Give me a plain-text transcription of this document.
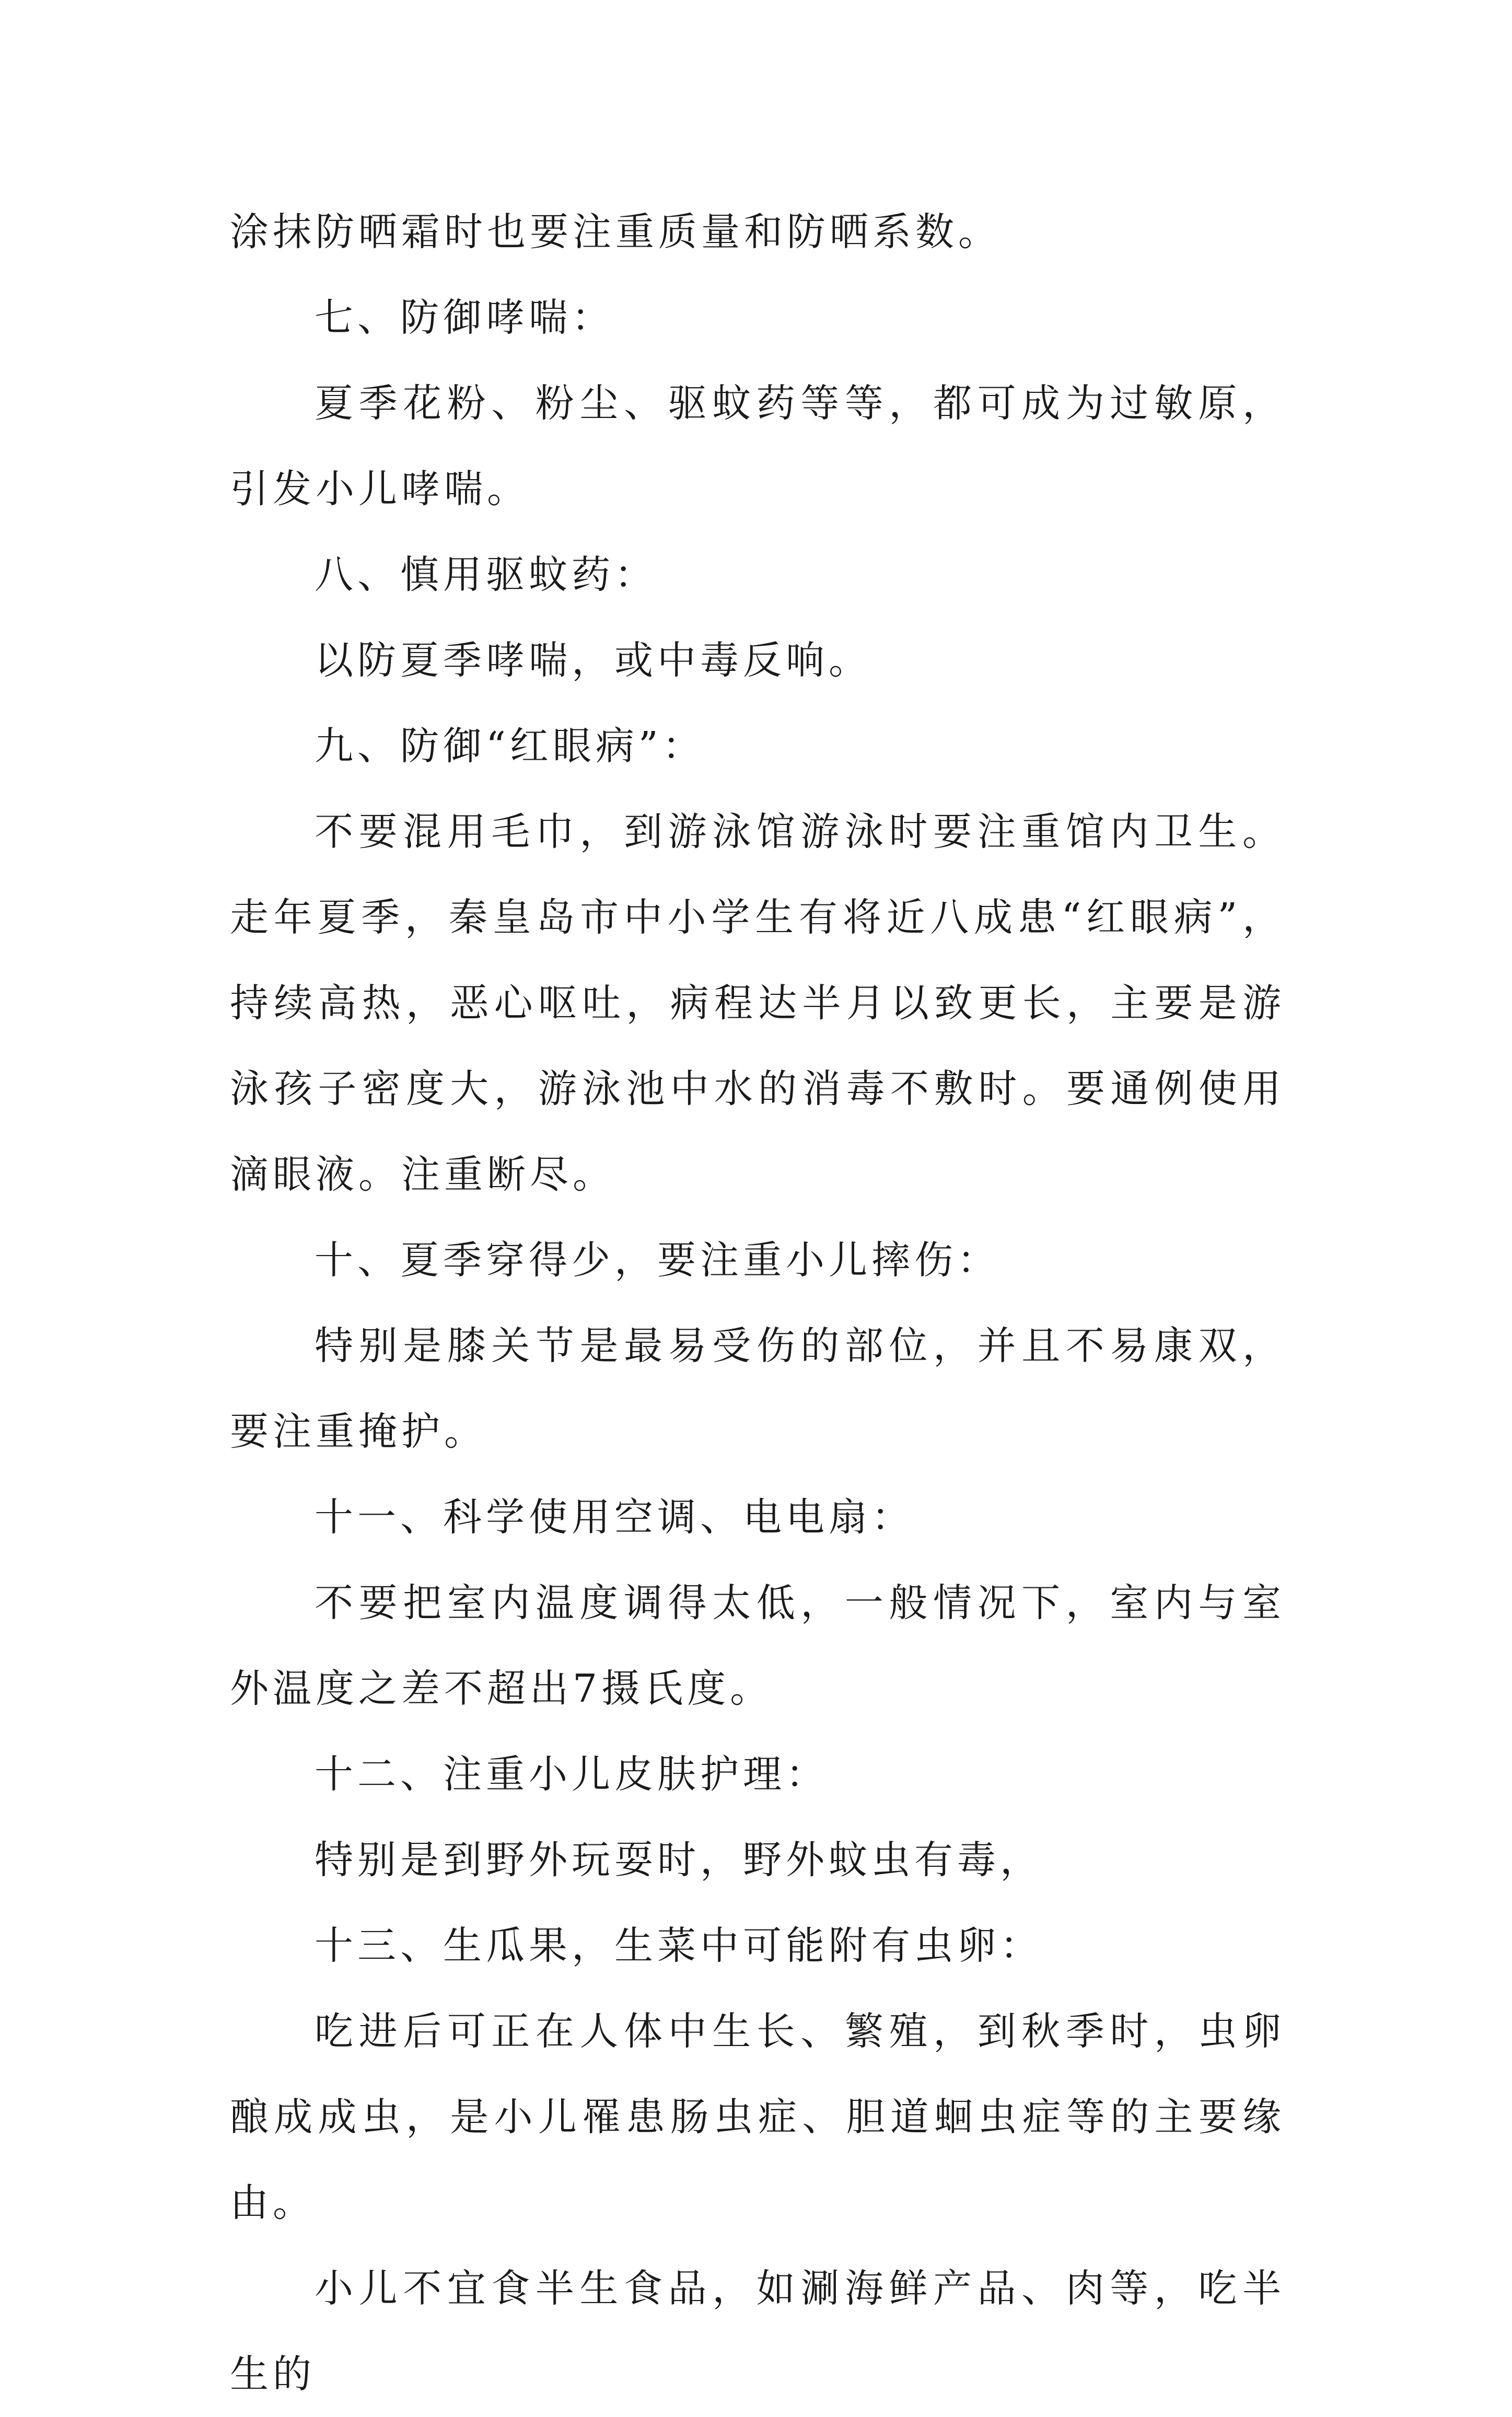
涂抹防晒霜时也要注重质量和防晒系数。

七、防御哮喘：

夏季花粉、粉尘、驱蚊药等等，都可成为过敏原，引发小儿哮喘。

八、慎用驱蚊药：

以防夏季哮喘，或中毒反响。

九、防御“红眼病”：

不要混用毛巾，到游泳馆游泳时要注重馆内卫生。走年夏季，秦皇岛市中小学生有将近八成患“红眼病”，持续高热，恶心呕吐，病程达半月以致更长，主要是游泳孩子密度大，游泳池中水的消毒不敷时。要通例使用滴眼液。注重断尽。

十、夏季穿得少，要注重小儿摔伤：

特别是膝关节是最易受伤的部位，并且不易康双，要注重掩护。

十一、科学使用空调、电电扇：

不要把室内温度调得太低，一般情况下，室内与室外温度之差不超出7摄氏度。

十二、注重小儿皮肤护理：

特别是到野外玩耍时，野外蚊虫有毒，

十三、生瓜果，生菜中可能附有虫卵：

吃进后可正在人体中生长、繁殖，到秋季时，虫卵酿成成虫，是小儿罹患肠虫症、胆道蛔虫症等的主要缘由。

小儿不宜食半生食品，如涮海鲜产品、肉等，吃半生的
